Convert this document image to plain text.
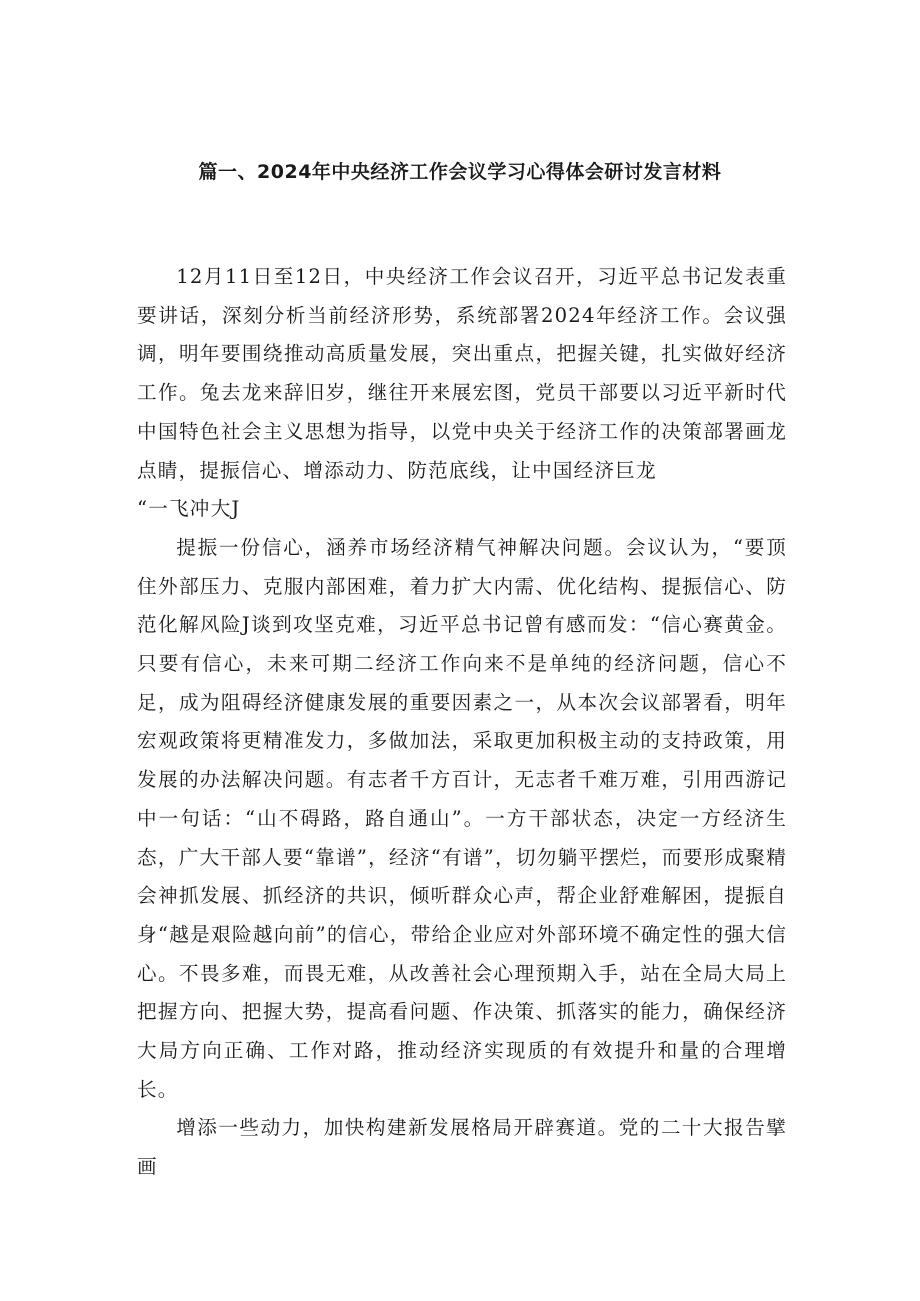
篇一、2024年中央经济工作会议学习心得体会研讨发言材料

12月11日至12日，中央经济工作会议召开，习近平总书记发表重要讲话，深刻分析当前经济形势，系统部署2024年经济工作。会议强调，明年要围绕推动高质量发展，突出重点，把握关键，扎实做好经济工作。兔去龙来辞旧岁，继往开来展宏图，党员干部要以习近平新时代中国特色社会主义思想为指导，以党中央关于经济工作的决策部署画龙点睛，提振信心、增添动力、防范底线，让中国经济巨龙

“一飞冲大J

提振一份信心，涵养市场经济精气神解决问题。会议认为，“要顶住外部压力、克服内部困难，着力扩大内需、优化结构、提振信心、防范化解风险J谈到攻坚克难，习近平总书记曾有感而发：“信心赛黄金。只要有信心，未来可期二经济工作向来不是单纯的经济问题，信心不足，成为阻碍经济健康发展的重要因素之一，从本次会议部署看，明年宏观政策将更精准发力，多做加法，采取更加积极主动的支持政策，用发展的办法解决问题。有志者千方百计，无志者千难万难，引用西游记中一句话：“山不碍路，路自通山”。一方干部状态，决定一方经济生态，广大干部人要“靠谱”，经济“有谱”，切勿躺平摆烂，而要形成聚精会神抓发展、抓经济的共识，倾听群众心声，帮企业舒难解困，提振自身“越是艰险越向前”的信心，带给企业应对外部环境不确定性的强大信心。不畏多难，而畏无难，从改善社会心理预期入手，站在全局大局上把握方向、把握大势，提高看问题、作决策、抓落实的能力，确保经济大局方向正确、工作对路，推动经济实现质的有效提升和量的合理增长。

增添一些动力，加快构建新发展格局开辟赛道。党的二十大报告擘画
